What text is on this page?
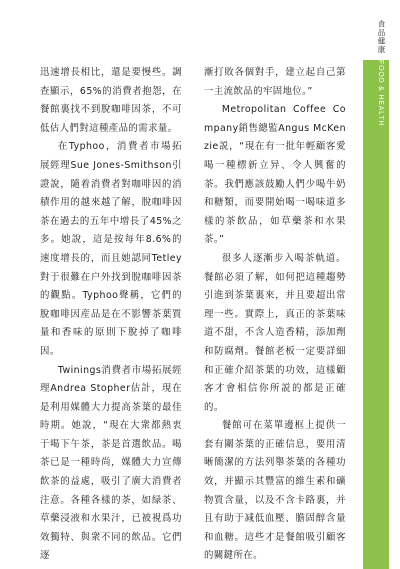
食品健康
FOOD & HEALTH

迅速增長相比，還是要慢些。調查顯示，65%的消費者抱怨，在餐館裏找不到脫咖啡因茶，不可低估人們對這種產品的需求量。

在Typhoo，消費者市場拓展經理Sue Jones-Smithson引證說，隨着消費者對咖啡因的消積作用的越來越了解，脫咖啡因茶在過去的五年中增長了45%之多。她說，這是按每年8.6%的速度增長的，而且她認同Tetley對于很難在户外找到脫咖啡因茶的觀點。Typhoo聲稱，它們的脫咖啡因産品是在不影響茶葉質量和香味的原則下脫掉了咖啡因。

Twinings消費者市場拓展經理Andrea Stopher估計，現在是利用媒體大力提高茶葉的最佳時期。她說，“現在大衆都熱衷于喝下午茶，茶是首選飲品。喝茶已是一種時尚，媒體大力宣傳飲茶的益處，吸引了廣大消費者注意。各種各樣的茶，如緑茶、草藥浸液和水果汁，已被視爲功效獨特、與衆不同的飲品。它們逐

漸打敗各個對手，建立起自己第一主流飲品的牢固地位。”

Metropolitan Coffee Company銷售總監Angus McKenzie説，“現在有一批年輕顧客愛喝一種標新立异、令人興奮的茶。我們應該鼓勵人們少喝牛奶和糖類，而要開始喝一喝味道多樣的茶飲品，如草藥茶和水果茶。”

很多人逐漸步入喝茶軌道。餐館必須了解，如何把這種趨勢引進到茶葉裏來，并且要超出常理一些。實際上，真正的茶葉味道不甜，不含人造香精，添加劑和防腐劑。餐館老板一定要詳細和正確介紹茶葉的功效，這樣顧客才會相信你所説的都是正確的。

餐館可在菜單邊框上提供一套有關茶葉的正確信息，要用清晰簡潔的方法列舉茶葉的各種功效，并顯示其豐富的維生素和礦物質含量，以及不含卡路裏，并且有助于减低血壓、膽固醇含量和血糖。這些才是餐館吸引顧客的關鍵所在。
